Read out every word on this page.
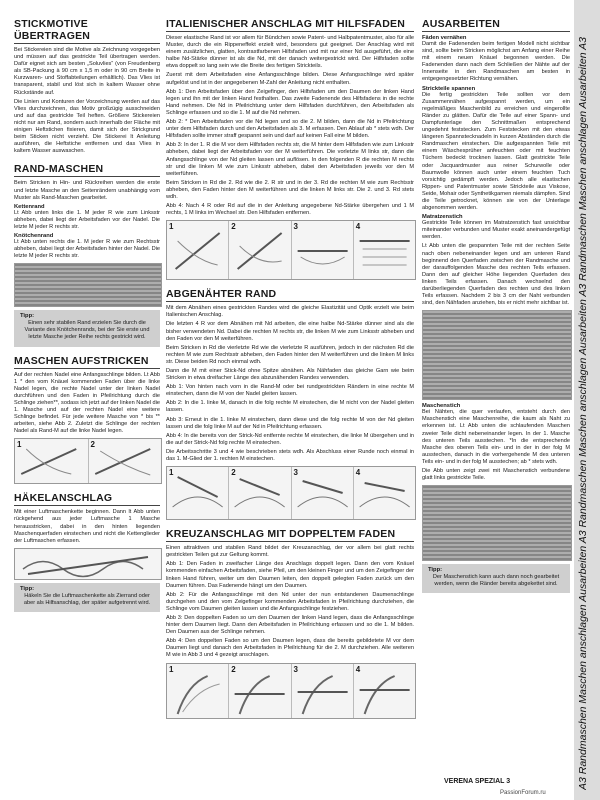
A3 Randmaschen Maschen anschlagen Ausarbeiten A3 Randmaschen Maschen anschlagen Ausarbeiten A3 Randmaschen Maschen anschlagen Ausarbeiten A3
STICKMOTIVE ÜBERTRAGEN

Bei Stickereien sind die Motive als Zeichnung vorgegeben und müssen auf das gestrickte Teil übertragen werden. Dafür eignet sich am besten „Soluvlies“ (von Freudenberg als SB-Packung à 90 cm x 1,5 m oder in 90 cm Breite in Kurzwaren- und Stoffabteilungen erhältlich). Das Vlies ist transparent, stabil und löst sich in kaltem Wasser ohne Rückstände auf.

Die Linien und Konturen der Vorzeichnung werden auf das Vlies durchzeichnen, das Motiv großzügig ausschneiden und auf das gestrickte Teil heften. Größere Stickereien nicht nur am Rand, sondern auch innerhalb der Fläche mit einigen Heftstichen fixieren, damit sich der Strickgrund beim Sticken nicht verzieht. Die Stickerei lt Anleitung ausführen, die Heftstiche entfernen und das Vlies in kaltem Wasser auswaschen.

RAND-MASCHEN

Beim Stricken in Hin- und Rückreihen werden die erste und letzte Masche an den Seitenrändern unabhängig vom Muster als Rand-Maschen gearbeitet.

Kettenrand

Lt Abb unten links die 1. M jeder R wie zum Linksstr abheben, dabei liegt der Arbeitsfaden vor der Nadel. Die letzte M jeder R rechts str.

Knötchenrand

Lt Abb unten rechts die 1. M jeder R wie zum Rechtsstr abheben, dabei liegt der Arbeitsfaden hinter der Nadel. Die letzte M jeder R rechts str.

Tipp:

Einen sehr stabilen Rand erzielen Sie durch die Variante des Knötchenrands, bei der Sie erste und letzte Masche jeder Reihe rechts gestrickt wird.

MASCHEN AUFSTRICKEN

Auf der rechten Nadel eine Anfangsschlinge bilden. Lt Abb 1 * den vom Knäuel kommenden Faden über die linke Nadel legen, die rechte Nadel unter der linken Nadel durchführen und den Faden in Pfeilrichtung durch die Schlinge ziehen**, sodass ich jetzt auf der linken Nadel die 1. Masche und auf der rechten Nadel eine weitere Schlinge befindet. Für jede weitere Masche von * bis ** arbeiten, siehe Abb 2. Zuletzt die Schlinge der rechten Nadel als Rand-M auf die linke Nadel legen.

1	2
HÄKELANSCHLAG

Mit einer Luftmaschenkette beginnen. Dann lt Abb unten rückgehend aus jeder Luftmasche 1 Masche herausstricken, dabei in den hinten liegenden Maschenquerfaden einstechen und nicht die Kettenglieder der Luftmaschen erfassen.

Tipp:

Häkeln Sie die Luftmaschenkette als Zierrand oder aber als Hilfsanschlag, der später aufgetrennt wird.

ITALIENISCHER ANSCHLAG MIT HILFSFADEN

Dieser elastische Rand ist vor allem für Bündchen sowie Patent- und Halbpatentmuster, also für alle Muster, durch die ein Rippeneffekt erzielt wird, besonders gut geeignet. Der Anschlag wird mit einem zusätzlichen, glatten, kontrastfarbenen Hilfsfaden und mit nur einer Nd ausgeführt, die eine halbe Nd-Stärke dünner ist als die Nd, mit der danach weitergestrickt wird. Der Hilfsfaden sollte etwa doppelt so lang sein wie die Breite des fertigen Strickteils.

Zuerst mit dem Arbeitsfaden eine Anfangsschlinge bilden. Diese Anfangsschlinge wird später aufgelöst und ist in der angegebenen M-Zahl der Anleitung nicht enthalten.

Abb 1: Den Arbeitsfaden über den Zeigefinger, den Hilfsfaden um den Daumen der linken Hand legen und ihn mit der linken Hand festhalten. Das zweite Fadenende des Hilfsfadens in die rechte Hand nehmen. Die Nd in Pfeilrichtung unter dem Hilfsfaden durchführen, den Arbeitsfaden als Schlinge erfassen und so die 1. M auf die Nd nehmen.

Abb 2: * Den Arbeitsfaden vor die Nd legen und so die 2. M bilden, dann die Nd in Pfeilrichtung unter dem Hilfsfaden durch und den Arbeitsfaden als 3. M erfassen. Den Ablauf ab * stets wdh. Der Hilfsfaden sollte immer straff gespannt sein und darf auf keinen Fall eine M bilden.

Abb 3: In der 1. R die M vor dem Hilfsfaden rechts str, die M hinter dem Hilfsfaden wie zum Linksstr abheben, dabei liegt der Arbeitsfaden vor der M weiterführen. Die vorletzte M links str, dann die Anfangsschlinge von der Nd gleiten lassen und auflösen. In den folgenden R die rechten M rechts str und die linken M wie zum Linksstr abheben, dabei den Arbeitsfaden jeweils vor den M weiterführen.

Beim Stricken in Rd die 2. Rd wie die 2. R str und in der 3. Rd die rechten M wie zum Rechtsstr abheben, den Faden hinter den M weiterführen und die linken M links str. Die 2. und 3. Rd stets wdh.

Abb 4: Nach 4 R oder Rd auf die in der Anleitung angegebene Nd-Stärke übergehen und 1 M rechts, 1 M links im Wechsel str. Den Hilfsfaden entfernen.

1	2	3	4
ABGENÄHTER RAND

Mit dem Abnähen eines gestrickten Randes wird die gleiche Elastizität und Optik erzielt wie beim Italienischen Anschlag.

Die letzten 4 R vor dem Abnähen mit Nd arbeiten, die eine halbe Nd-Stärke dünner sind als die bisher verwendeten Nd. Dabei die rechten M rechts str, die linken M wie zum Linksstr abheben und den Faden vor den M weiterführen.

Beim Stricken in Rd die vierletzte Rd wie die vierletzte R ausführen, jedoch in der nächsten Rd die rechten M wie zum Rechtsstr abheben, den Faden hinter den M weiterführen und die linken M links str. Diese beiden Rd noch einmal wdh.

Dann die M mit einer Stick-Nd ohne Spitze abnähen. Als Nähfaden das gleiche Garn wie beim Stricken in etwa dreifacher Länge des abzunähenden Randes verwenden.

Abb 1: Von hinten nach vorn in die Rand-M oder bei rundgestrickten Rändern in eine rechte M einstechen, dann die M von der Nadel gleiten lassen.

Abb 2: In die 1. linke M, danach in die folg rechte M einstechen, die M nicht von der Nadel gleiten lassen.

Abb 3: Erneut in die 1. linke M einstechen, dann diese und die folg rechte M von der Nd gleiten lassen und die folg linke M auf der Nd in Pfeilrichtung erfassen.

Abb 4: In die bereits von der Strick-Nd entfernte rechte M einstechen, die linke M übergehen und in die auf der Strick-Nd folg rechte M einstechen.

Die Arbeitsschritte 3 und 4 wie beschrieben stets wdh. Als Abschluss einer Runde noch einmal in das 1. M-Glied der 1. rechten M einstechen.

1	2	3	4
KREUZANSCHLAG MIT DOPPELTEM FADEN

Einen attraktiven und stabilen Rand bildet der Kreuzanschlag, der vor allem bei glatt rechts gestrickten Teilen gut zur Geltung kommt.

Abb 1: Den Faden in zweifacher Länge des Anschlags doppelt legen. Dann den vom Knäuel kommenden einfachen Arbeitsfaden, siehe Pfeil, um den kleinen Finger und um den Zeigefinger der linken Hand führen, weiter um den Daumen leiten, den doppelt gelegten Faden zurück um den Daumen führen. Das Fadenende hängt um den Daumen.

Abb 2: Für die Anfangsschlinge mit den Nd unter der nun entstandenen Daumenschlinge durchgehen und den vom Zeigefinger kommenden Arbeitsfaden in Pfeilrichtung durchziehen, die Schlinge vom Daumen gleiten lassen und die Anfangsschlinge festziehen.

Abb 3: Den doppelten Faden so um den Daumen der linken Hand legen, dass die Anfangsschlinge hinter dem Daumen liegt. Dann den Arbeitsfaden in Pfeilrichtung erfassen und so die 1. M bilden. Den Daumen aus der Schlinge nehmen.

Abb 4: Den doppelten Faden so um den Daumen legen, dass die bereits gebildetete M vor dem Daumen liegt und danach den Arbeitsfaden in Pfeilrichtung für die 2. M durchziehen. Alle weiteren M wie in Abb 3 und 4 gezeigt anschlagen.

1	2	3	4
AUSARBEITEN
Fäden vernähen

Damit die Fadenenden beim fertigen Modell nicht sichtbar sind, sollte beim Stricken möglichst am Anfang einer Reihe mit einem neuen Knäuel begonnen werden. Die Fadenenden dann nach dem Schließen der Nähte auf der Innenseite in den Randmaschen am besten in entgegengesetzter Richtung vernähen.

Strickteile spannen

Die fertig gestrickten Teile sollten vor dem Zusammennähen aufgespannt werden, um ein regelmäßiges Maschenbild zu erreichen und eingerollte Ränder zu glätten. Dafür die Teile auf einer Spann- und Dampfunterlage den Schnittmaßen entsprechend ungedehnt feststecken. Zum Feststecken mit den etwas längeren Spannstecknadeln in kurzen Abständen durch die Randmaschen einstechen. Die aufgespannten Teile mit einem Wäschesprüher anfeuchten oder mit feuchten Tüchern bedeckt trocknen lassen. Glatt gestrickte Teile oder Jacquardmuster aus reiner Schurwolle oder Baumwolle können auch unter einem feuchten Tuch vorsichtig gedämpft werden. Jedoch alle elastischen Rippen- und Patentmuster sowie Strickteile aus Viskose, Seide, Mohair oder Synthetikgarnen niemals dämpfen. Sind die Teile getrocknet, können sie von der Unterlage abgenommen werden.

Matratzenstich

Gestrickte Teile können im Matratzenstich fast unsichtbar miteinander verbunden und Muster exakt aneinandergefügt werden.

Lt Abb unten die gespannten Teile mit der rechten Seite nach oben nebeneinander legen und am unteren Rand beginnend den Querfaden zwischen der Randmasche und der darauffolgenden Masche des rechten Teils erfassen. Dann den auf gleicher Höhe liegenden Querfaden des linken Teils erfassen. Danach wechselnd den darüberliegenden Querfaden des rechten und des linken Teils erfassen. Nachdem 2 bis 3 cm der Naht verbunden sind, den Nähfaden anziehen, bis er nicht mehr sichtbar ist.

Maschenstich

Bei Nähten, die quer verlaufen, entsteht durch den Maschenstich eine Maschenreihe, die kaum als Naht zu erkennen ist. Lt Abb unten die schlaufenden Maschen zweier Teile dicht nebeneinander legen. In der 1. Masche des unteren Teils ausstechen. *In die entsprechende Masche des oberen Teils ein- und in der in der folg M ausstechen, danach in die vorhergehende M des unteren Teils ein- und in der folg M ausstechen; ab * stets wdh.

Die Abb unten zeigt zwei mit Maschenstich verbundene glatt links gestrickte Teile.

Tipp:

Der Maschenstich kann auch dann noch gearbeitet werden, wenn die Ränder bereits abgekettet sind.

VERENA SPEZIAL 3
PassionForum.ru
